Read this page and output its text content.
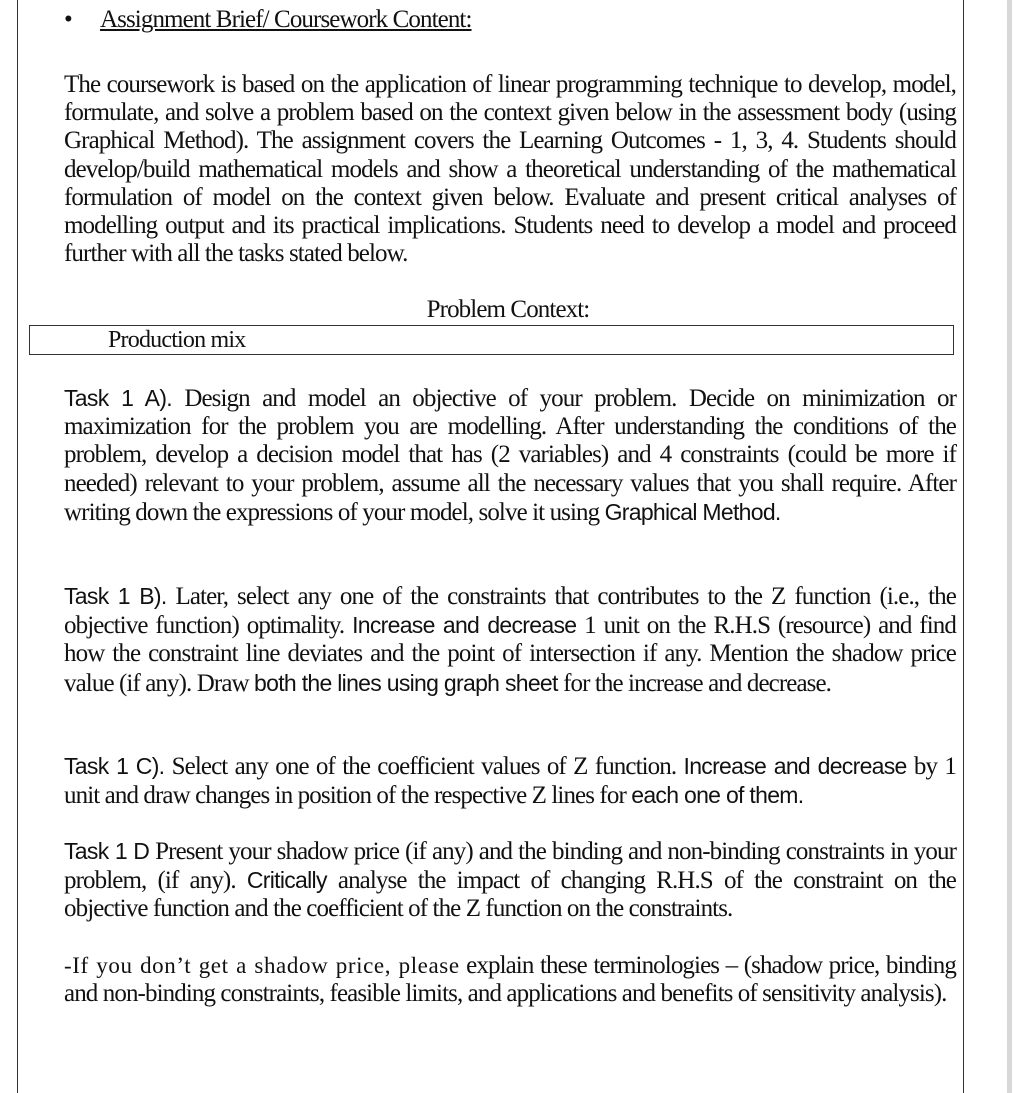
• Assignment Brief/ Coursework Content:

The coursework is based on the application of linear programming technique to develop, model, formulate, and solve a problem based on the context given below in the assessment body (using Graphical Method). The assignment covers the Learning Outcomes - 1, 3, 4. Students should develop/build mathematical models and show a theoretical understanding of the mathematical formulation of model on the context given below. Evaluate and present critical analyses of modelling output and its practical implications. Students need to develop a model and proceed further with all the tasks stated below.

Problem Context:
Production mix

Task 1 A). Design and model an objective of your problem. Decide on minimization or maximization for the problem you are modelling. After understanding the conditions of the problem, develop a decision model that has (2 variables) and 4 constraints (could be more if needed) relevant to your problem, assume all the necessary values that you shall require. After writing down the expressions of your model, solve it using Graphical Method.

Task 1 B). Later, select any one of the constraints that contributes to the Z function (i.e., the objective function) optimality. Increase and decrease 1 unit on the R.H.S (resource) and find how the constraint line deviates and the point of intersection if any. Mention the shadow price value (if any). Draw both the lines using graph sheet for the increase and decrease.

Task 1 C). Select any one of the coefficient values of Z function. Increase and decrease by 1 unit and draw changes in position of the respective Z lines for each one of them.

Task 1 D Present your shadow price (if any) and the binding and non-binding constraints in your problem, (if any). Critically analyse the impact of changing R.H.S of the constraint on the objective function and the coefficient of the Z function on the constraints.

-If you don’t get a shadow price, please explain these terminologies – (shadow price, binding and non-binding constraints, feasible limits, and applications and benefits of sensitivity analysis).
